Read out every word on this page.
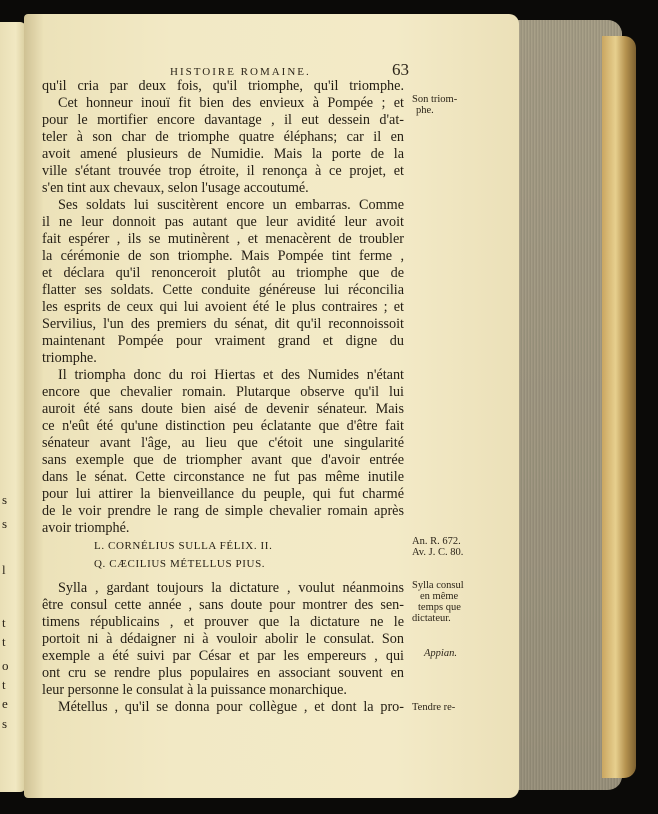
s
s
l
t
t
o
t
e
s
HISTOIRE ROMAINE.	63
qu'il cria par deux fois, qu'il triomphe, qu'il triomphe.
Cet honneur inouï fit bien des envieux à Pompée ; et
pour le mortifier encore davantage , il eut dessein d'at-
teler à son char de triomphe quatre éléphans; car il en
avoit amené plusieurs de Numidie. Mais la porte de la
ville s'étant trouvée trop étroite, il renonça à ce projet, et
s'en tint aux chevaux, selon l'usage accoutumé.
Ses soldats lui suscitèrent encore un embarras. Comme
il ne leur donnoit pas autant que leur avidité leur avoit
fait espérer , ils se mutinèrent , et menacèrent de troubler
la cérémonie de son triomphe. Mais Pompée tint ferme ,
et déclara qu'il renonceroit plutôt au triomphe que de
flatter ses soldats. Cette conduite généreuse lui réconcilia
les esprits de ceux qui lui avoient été le plus contraires ; et
Servilius, l'un des premiers du sénat, dit qu'il reconnoissoit
maintenant Pompée pour vraiment grand et digne du
triomphe.
Il triompha donc du roi Hiertas et des Numides n'étant
encore que chevalier romain. Plutarque observe qu'il lui
auroit été sans doute bien aisé de devenir sénateur. Mais
ce n'eût été qu'une distinction peu éclatante que d'être fait
sénateur avant l'âge, au lieu que c'étoit une singularité
sans exemple que de triompher avant que d'avoir entrée
dans le sénat. Cette circonstance ne fut pas même inutile
pour lui attirer la bienveillance du peuple, qui fut charmé
de le voir prendre le rang de simple chevalier romain après
avoir triomphé.
L. CORNÉLIUS SULLA FÉLIX. II.
Q. CÆCILIUS MÉTELLUS PIUS.
Sylla , gardant toujours la dictature , voulut néanmoins
être consul cette année , sans doute pour montrer des sen-
timens républicains , et prouver que la dictature ne le
portoit ni à dédaigner ni à vouloir abolir le consulat. Son
exemple a été suivi par César et par les empereurs , qui
ont cru se rendre plus populaires en associant souvent en
leur personne le consulat à la puissance monarchique.
Métellus , qu'il se donna pour collègue , et dont la pro-
Son triom-
phe.
An. R. 672.
Av. J. C. 80.
Sylla consul
en même
temps que
dictateur.
Appian.
Tendre re-
